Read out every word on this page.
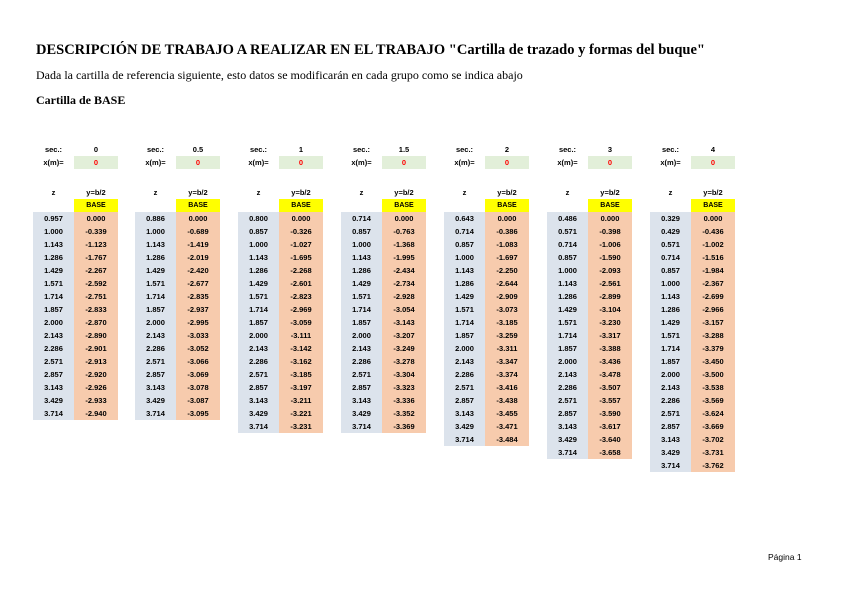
DESCRIPCIÓN DE TRABAJO A REALIZAR EN EL TRABAJO "Cartilla de trazado y formas del buque"
Dada la cartilla de referencia siguiente, esto datos se modificarán en cada grupo como se indica abajo
Cartilla de BASE
sec.:	0
x(m)=	0
z	y=b/2
BASE
0.957	0.000
1.000	-0.339
1.143	-1.123
1.286	-1.767
1.429	-2.267
1.571	-2.592
1.714	-2.751
1.857	-2.833
2.000	-2.870
2.143	-2.890
2.286	-2.901
2.571	-2.913
2.857	-2.920
3.143	-2.926
3.429	-2.933
3.714	-2.940
sec.:	0.5
x(m)=	0
z	y=b/2
BASE
0.886	0.000
1.000	-0.689
1.143	-1.419
1.286	-2.019
1.429	-2.420
1.571	-2.677
1.714	-2.835
1.857	-2.937
2.000	-2.995
2.143	-3.033
2.286	-3.052
2.571	-3.066
2.857	-3.069
3.143	-3.078
3.429	-3.087
3.714	-3.095
sec.:	1
x(m)=	0
z	y=b/2
BASE
0.800	0.000
0.857	-0.326
1.000	-1.027
1.143	-1.695
1.286	-2.268
1.429	-2.601
1.571	-2.823
1.714	-2.969
1.857	-3.059
2.000	-3.111
2.143	-3.142
2.286	-3.162
2.571	-3.185
2.857	-3.197
3.143	-3.211
3.429	-3.221
3.714	-3.231
sec.:	1.5
x(m)=	0
z	y=b/2
BASE
0.714	0.000
0.857	-0.763
1.000	-1.368
1.143	-1.995
1.286	-2.434
1.429	-2.734
1.571	-2.928
1.714	-3.054
1.857	-3.143
2.000	-3.207
2.143	-3.249
2.286	-3.278
2.571	-3.304
2.857	-3.323
3.143	-3.336
3.429	-3.352
3.714	-3.369
sec.:	2
x(m)=	0
z	y=b/2
BASE
0.643	0.000
0.714	-0.386
0.857	-1.083
1.000	-1.697
1.143	-2.250
1.286	-2.644
1.429	-2.909
1.571	-3.073
1.714	-3.185
1.857	-3.259
2.000	-3.311
2.143	-3.347
2.286	-3.374
2.571	-3.416
2.857	-3.438
3.143	-3.455
3.429	-3.471
3.714	-3.484
sec.:	3
x(m)=	0
z	y=b/2
BASE
0.486	0.000
0.571	-0.398
0.714	-1.006
0.857	-1.590
1.000	-2.093
1.143	-2.561
1.286	-2.899
1.429	-3.104
1.571	-3.230
1.714	-3.317
1.857	-3.388
2.000	-3.436
2.143	-3.478
2.286	-3.507
2.571	-3.557
2.857	-3.590
3.143	-3.617
3.429	-3.640
3.714	-3.658
sec.:	4
x(m)=	0
z	y=b/2
BASE
0.329	0.000
0.429	-0.436
0.571	-1.002
0.714	-1.516
0.857	-1.984
1.000	-2.367
1.143	-2.699
1.286	-2.966
1.429	-3.157
1.571	-3.288
1.714	-3.379
1.857	-3.450
2.000	-3.500
2.143	-3.538
2.286	-3.569
2.571	-3.624
2.857	-3.669
3.143	-3.702
3.429	-3.731
3.714	-3.762
Página 1
